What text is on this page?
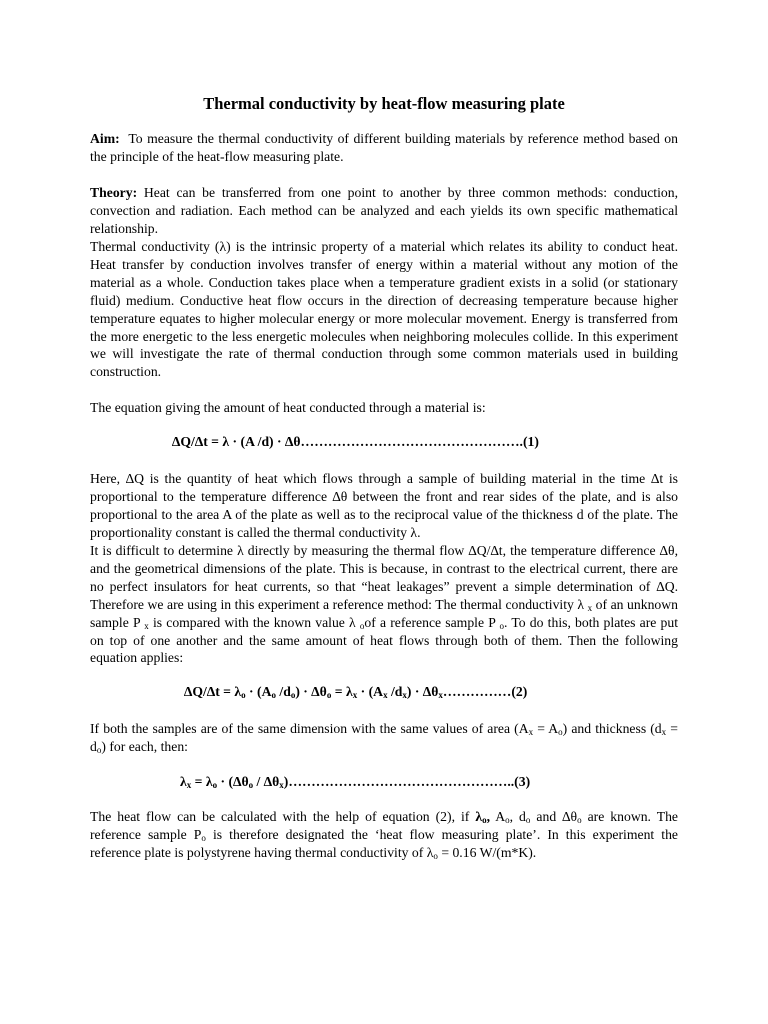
Thermal conductivity by heat-flow measuring plate

Aim: To measure the thermal conductivity of different building materials by reference method based on the principle of the heat-flow measuring plate.

Theory: Heat can be transferred from one point to another by three common methods: conduction, convection and radiation. Each method can be analyzed and each yields its own specific mathematical relationship.

Thermal conductivity (λ) is the intrinsic property of a material which relates its ability to conduct heat. Heat transfer by conduction involves transfer of energy within a material without any motion of the material as a whole. Conduction takes place when a temperature gradient exists in a solid (or stationary fluid) medium. Conductive heat flow occurs in the direction of decreasing temperature because higher temperature equates to higher molecular energy or more molecular movement. Energy is transferred from the more energetic to the less energetic molecules when neighboring molecules collide. In this experiment we will investigate the rate of thermal conduction through some common materials used in building construction.

The equation giving the amount of heat conducted through a material is:

∆Q/∆t = λ · (A /d) · ∆θ………………………………………….(1)

Here, ∆Q is the quantity of heat which flows through a sample of building material in the time ∆t is proportional to the temperature difference ∆θ between the front and rear sides of the plate, and is also proportional to the area A of the plate as well as to the reciprocal value of the thickness d of the plate. The proportionality constant is called the thermal conductivity λ.

It is difficult to determine λ directly by measuring the thermal flow ∆Q/∆t, the temperature difference ∆θ, and the geometrical dimensions of the plate. This is because, in contrast to the electrical current, there are no perfect insulators for heat currents, so that “heat leakages” prevent a simple determination of ∆Q. Therefore we are using in this experiment a reference method: The thermal conductivity λ $_x$ of an unknown sample P $_x$ is compared with the known value λ $_o$of a reference sample P $_o$. To do this, both plates are put on top of one another and the same amount of heat flows through both of them. Then the following equation applies:

$\Delta Q/\Delta t = \lambda_o \cdot (A_o$ $/d_o) \cdot \Delta\theta_o = \lambda_x \cdot (A_x$ $/d_x$) · $\Delta\theta_x\dots\dots\dots\dots\dots(2)$

If both the samples are of the same dimension with the same values of area $(A_x = A_o)$ and thickness $(d_x = d_o)$ for each, then:

$\lambda_x = \lambda_o \cdot (\Delta\theta_o$ / $\Delta\theta_x)\dots\dots\dots\dots\dots\dots\dots\dots\dots\dots\dots\dots\dots\dots\dots\dots..(3)$

The heat flow can be calculated with the help of equation (2), if $\lambda_o$, $A_o$, $d_o$ and $\Delta\theta_o$ are known. The reference sample $P_o$ is therefore designated the ‘heat flow measuring plate’. In this experiment the reference plate is polystyrene having thermal conductivity of $\lambda_o = 0.16$ W/(m*K).
